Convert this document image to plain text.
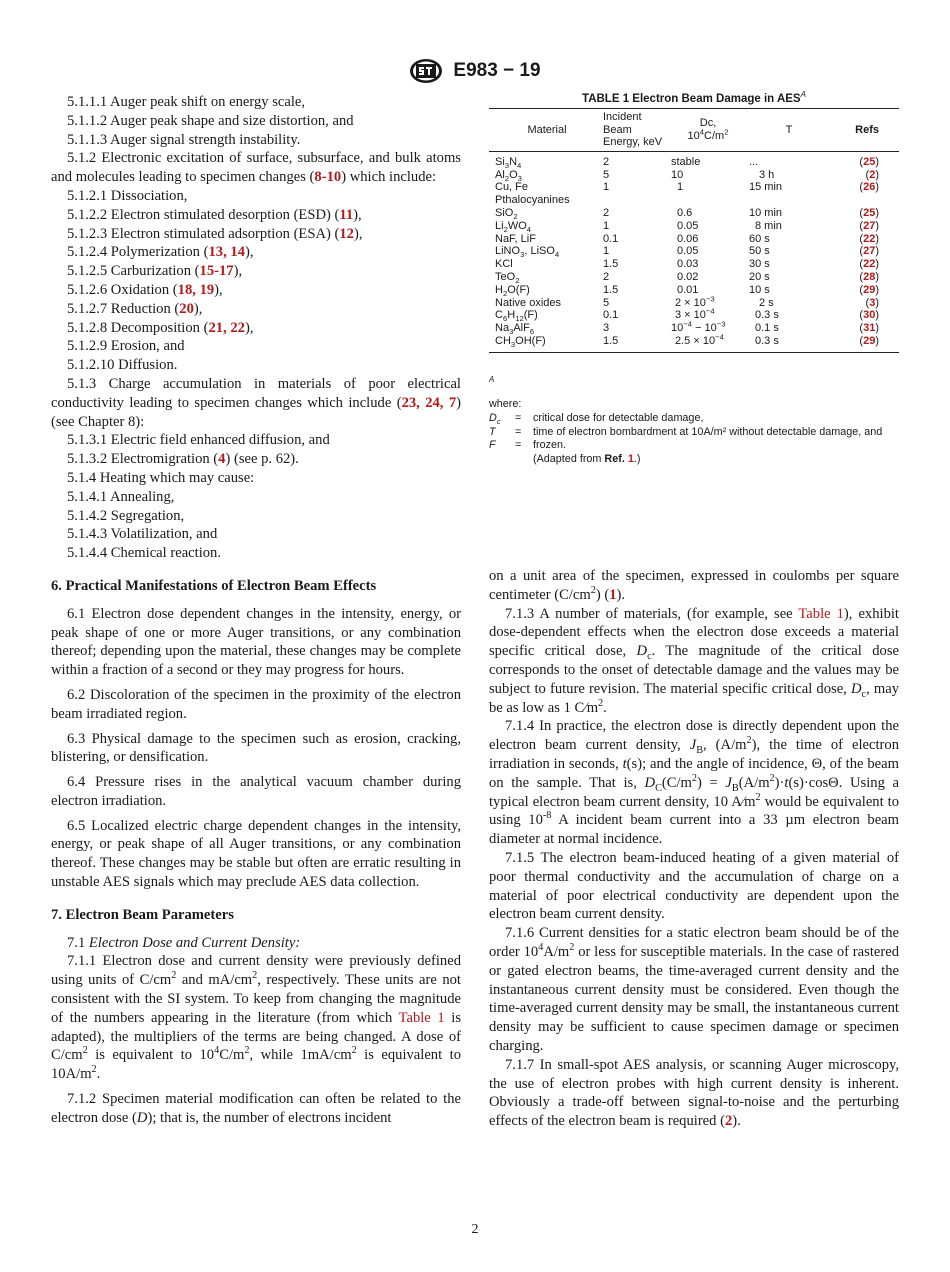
E983 − 19

5.1.1.1 Auger peak shift on energy scale,

5.1.1.2 Auger peak shape and size distortion, and

5.1.1.3 Auger signal strength instability.

5.1.2 Electronic excitation of surface, subsurface, and bulk atoms and molecules leading to specimen changes (8-10) which include:

5.1.2.1 Dissociation,

5.1.2.2 Electron stimulated desorption (ESD) (11),

5.1.2.3 Electron stimulated adsorption (ESA) (12),

5.1.2.4 Polymerization (13, 14),

5.1.2.5 Carburization (15-17),

5.1.2.6 Oxidation (18, 19),

5.1.2.7 Reduction (20),

5.1.2.8 Decomposition (21, 22),

5.1.2.9 Erosion, and

5.1.2.10 Diffusion.

5.1.3 Charge accumulation in materials of poor electrical conductivity leading to specimen changes which include (23, 24, 7) (see Chapter 8):

5.1.3.1 Electric field enhanced diffusion, and

5.1.3.2 Electromigration (4) (see p. 62).

5.1.4 Heating which may cause:

5.1.4.1 Annealing,

5.1.4.2 Segregation,

5.1.4.3 Volatilization, and

5.1.4.4 Chemical reaction.

6. Practical Manifestations of Electron Beam Effects

6.1 Electron dose dependent changes in the intensity, energy, or peak shape of one or more Auger transitions, or any combination thereof; depending upon the material, these changes may be complete within a fraction of a second or they may progress for hours.

6.2 Discoloration of the specimen in the proximity of the electron beam irradiated region.

6.3 Physical damage to the specimen such as erosion, cracking, blistering, or densification.

6.4 Pressure rises in the analytical vacuum chamber during electron irradiation.

6.5 Localized electric charge dependent changes in the intensity, energy, or peak shape of all Auger transitions, or any combination thereof. These changes may be stable but often are erratic resulting in unstable AES signals which may preclude AES data collection.

7. Electron Beam Parameters

7.1 Electron Dose and Current Density:

7.1.1 Electron dose and current density were previously defined using units of $C/cm^2$ and $mA/cm^2$, respectively. These units are not consistent with the SI system. To keep from changing the magnitude of the numbers appearing in the literature (from which Table 1 is adapted), the multipliers of the terms are being changed. A dose of $C/cm^2$ is equivalent to $10^4C/m^2$, while $1mA/cm^2$ is equivalent to $10A/m^2$.

7.1.2 Specimen material modification can often be related to the electron dose (D); that is, the number of electrons incident

TABLE 1 Electron Beam Damage in $AES^A$
Material	Incident Beam Energy, keV	Dc,
$10^4C/m^2$	T	Refs
$Si_3N_4$	2	stable	...	(25)
$Al_2O_3$	5	10	3 h	(2)
Cu, Fe Pthalocyanines	1	1	15 min	(26)
SiO$_2$	2	0.6	10 min	(25)
$Li_2WO_4$	1	0.05	8 min	(27)
NaF, LiF	0.1	0.06	60 s	(22)
LiNO$_3$, LiSO$_4$	1	0.05	50 s	(27)
KCl	1.5	0.03	30 s	(22)
TeO$_2$	2	0.02	20 s	(28)
$H_2O(F)$	1.5	0.01	10 s	(29)
Native oxides	5	$2 \times 10^{-3}$	2 s	(3)
$C_6H_{12}(F)$	0.1	$3 \times 10^{-4}$	0.3 s	(30)
$Na_3AlF_6$	3	$10^{-4} - 10^{-3}$	0.1 s	(31)
$CH_3OH(F)$	1.5	$2.5 \times 10^{-4}$	0.3 s	(29)
A
where:
$D_c$	=	critical dose for detectable damage,
T	=	time of electron bombardment at 10A/m² without detectable damage, and
F	=	frozen.
(Adapted from Ref. 1.)

on a unit area of the specimen, expressed in coulombs per square centimeter $(C/cm^2)$ (1).

7.1.3 A number of materials, (for example, see Table 1), exhibit dose-dependent effects when the electron dose exceeds a material specific critical dose, $D_c$. The magnitude of the critical dose corresponds to the onset of detectable damage and the values may be subject to future revision. The material specific critical dose, $D_c$, may be as low as 1 $C⁄m^2$.

7.1.4 In practice, the electron dose is directly dependent upon the electron beam current density, $J_B$, $(A/m^2)$, the time of electron irradiation in seconds, t(s); and the angle of incidence, Θ, of the beam on the sample. That is, $D_C(C/m^2) = J_B(A/m^2)\cdot t(s)\cdot\cos\Theta$. Using a typical electron beam current density, 10 $A⁄m^2$ would be equivalent to using $10^{-8}$ A incident beam current into a 33 µm electron beam diameter at normal incidence.

7.1.5 The electron beam-induced heating of a given material of poor thermal conductivity and the accumulation of charge on a material of poor electrical conductivity are dependent upon the electron beam current density.

7.1.6 Current densities for a static electron beam should be of the order $10^4A/m^2$ or less for susceptible materials. In the case of rastered or gated electron beams, the time-averaged current density and the instantaneous current density must be considered. Even though the time-averaged current density may be small, the instantaneous current density may be sufficient to cause specimen damage or specimen charging.

7.1.7 In small-spot AES analysis, or scanning Auger microscopy, the use of electron probes with high current density is inherent. Obviously a trade-off between signal-to-noise and the perturbing effects of the electron beam is required (2).

2
